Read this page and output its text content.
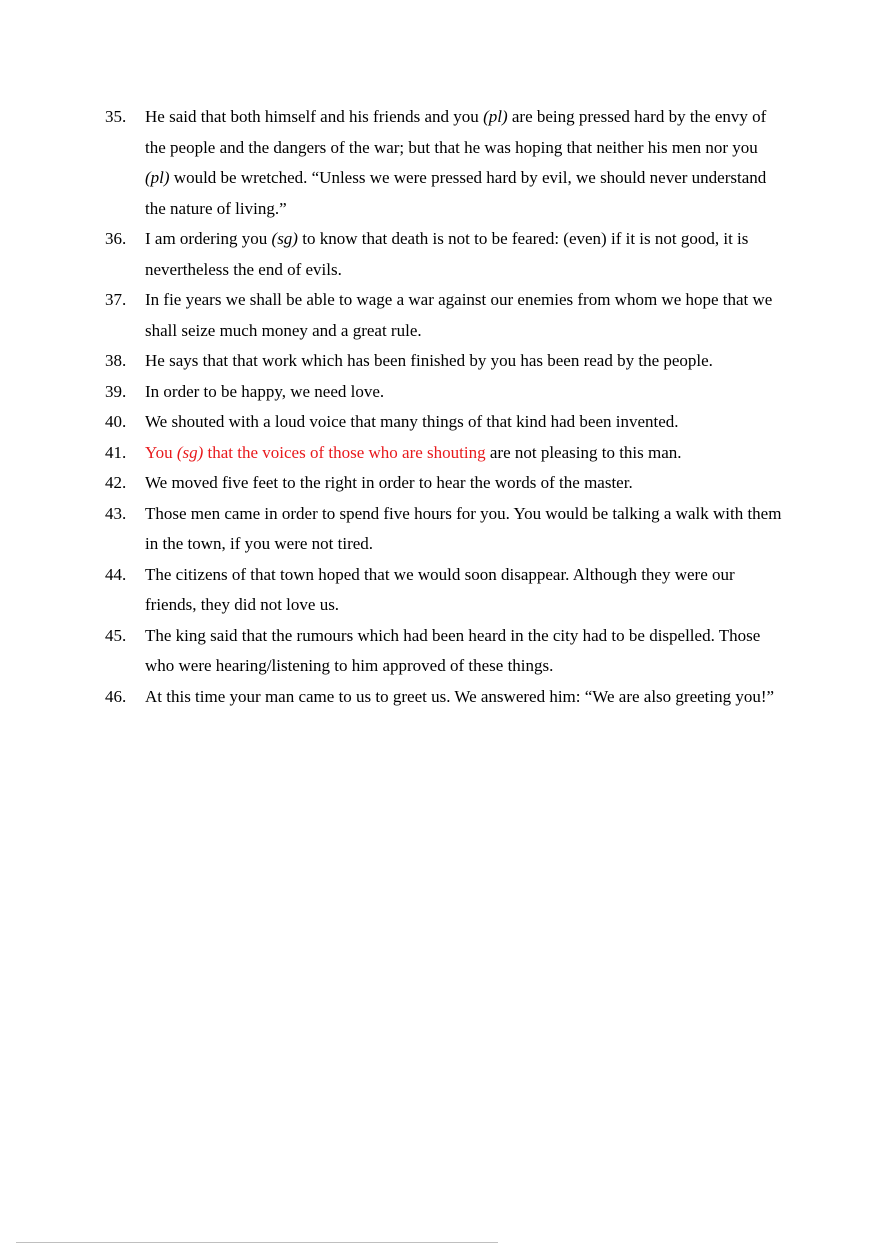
35.	He said that both himself and his friends and you (pl) are being pressed hard by the envy of the people and the dangers of the war; but that he was hoping that neither his men nor you (pl) would be wretched. “Unless we were pressed hard by evil, we should never understand the nature of living.”
36.	I am ordering you (sg) to know that death is not to be feared: (even) if it is not good, it is nevertheless the end of evils.
37.	In fie years we shall be able to wage a war against our enemies from whom we hope that we shall seize much money and a great rule.
38.	He says that that work which has been finished by you has been read by the people.
39.	In order to be happy, we need love.
40.	We shouted with a loud voice that many things of that kind had been invented.
41.	You (sg) that the voices of those who are shouting are not pleasing to this man.
42.	We moved five feet to the right in order to hear the words of the master.
43.	Those men came in order to spend five hours for you. You would be talking a walk with them in the town, if you were not tired.
44.	The citizens of that town hoped that we would soon disappear. Although they were our friends, they did not love us.
45.	The king said that the rumours which had been heard in the city had to be dispelled. Those who were hearing/listening to him approved of these things.
46.	At this time your man came to us to greet us. We answered him: “We are also greeting you!”
